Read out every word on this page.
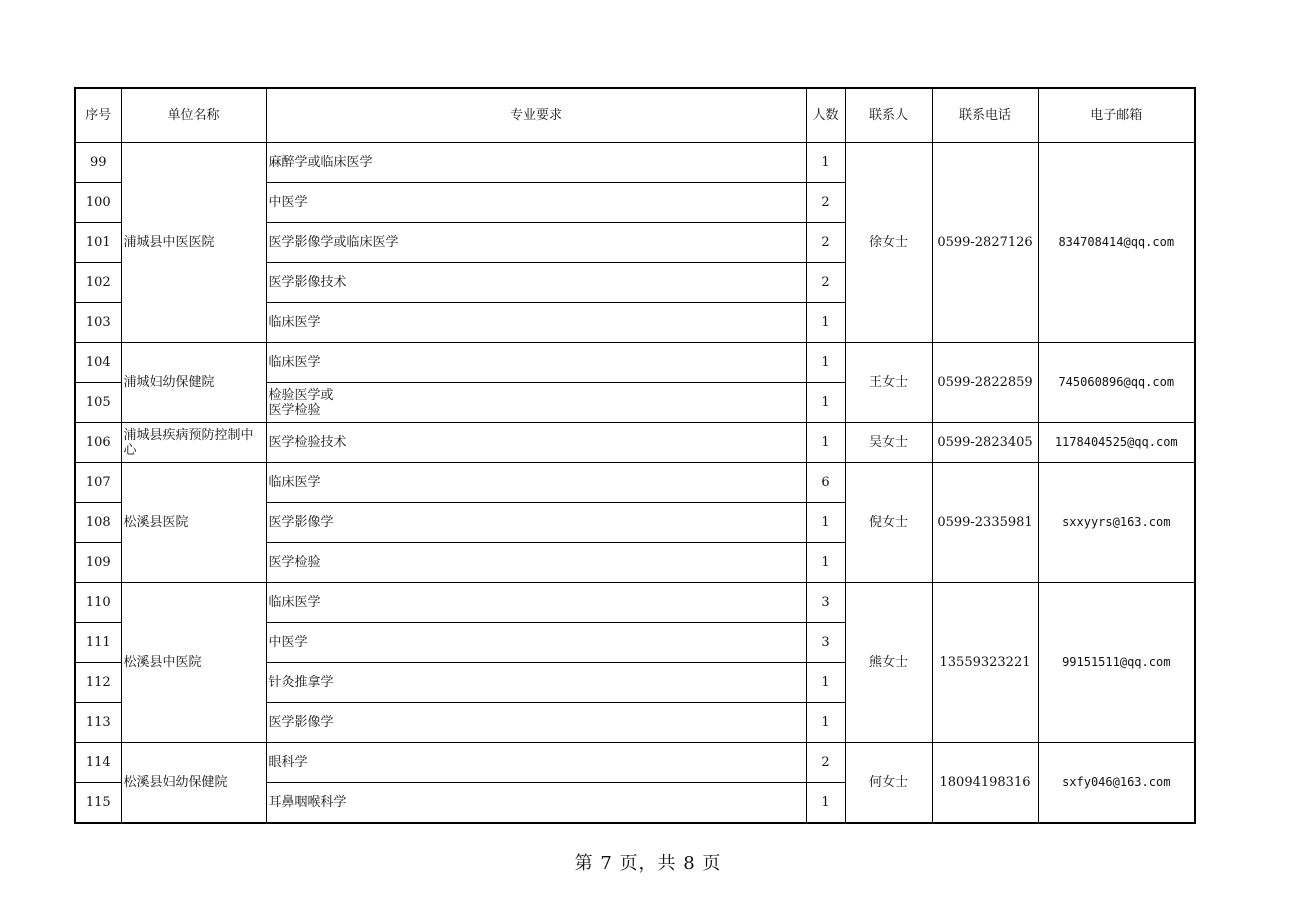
序号	单位名称	专业要求	人数	联系人	联系电话	电子邮箱
99	浦城县中医医院	麻醉学或临床医学	1	徐女士	0599-2827126	834708414@qq.com
100		中医学	2			
101		医学影像学或临床医学	2			
102		医学影像技术	2			
103		临床医学	1			
104	浦城妇幼保健院	临床医学	1	王女士	0599-2822859	745060896@qq.com
105		检验医学或
医学检验	1			
106	浦城县疾病预防控制中心	医学检验技术	1	吴女士	0599-2823405	1178404525@qq.com
107	松溪县医院	临床医学	6	倪女士	0599-2335981	sxxyyrs@163.com
108		医学影像学	1			
109		医学检验	1			
110	松溪县中医院	临床医学	3	熊女士	13559323221	99151511@qq.com
111		中医学	3			
112		针灸推拿学	1			
113		医学影像学	1			
114	松溪县妇幼保健院	眼科学	2	何女士	18094198316	sxfy046@163.com
115		耳鼻咽喉科学	1			
第 7 页，共 8 页
